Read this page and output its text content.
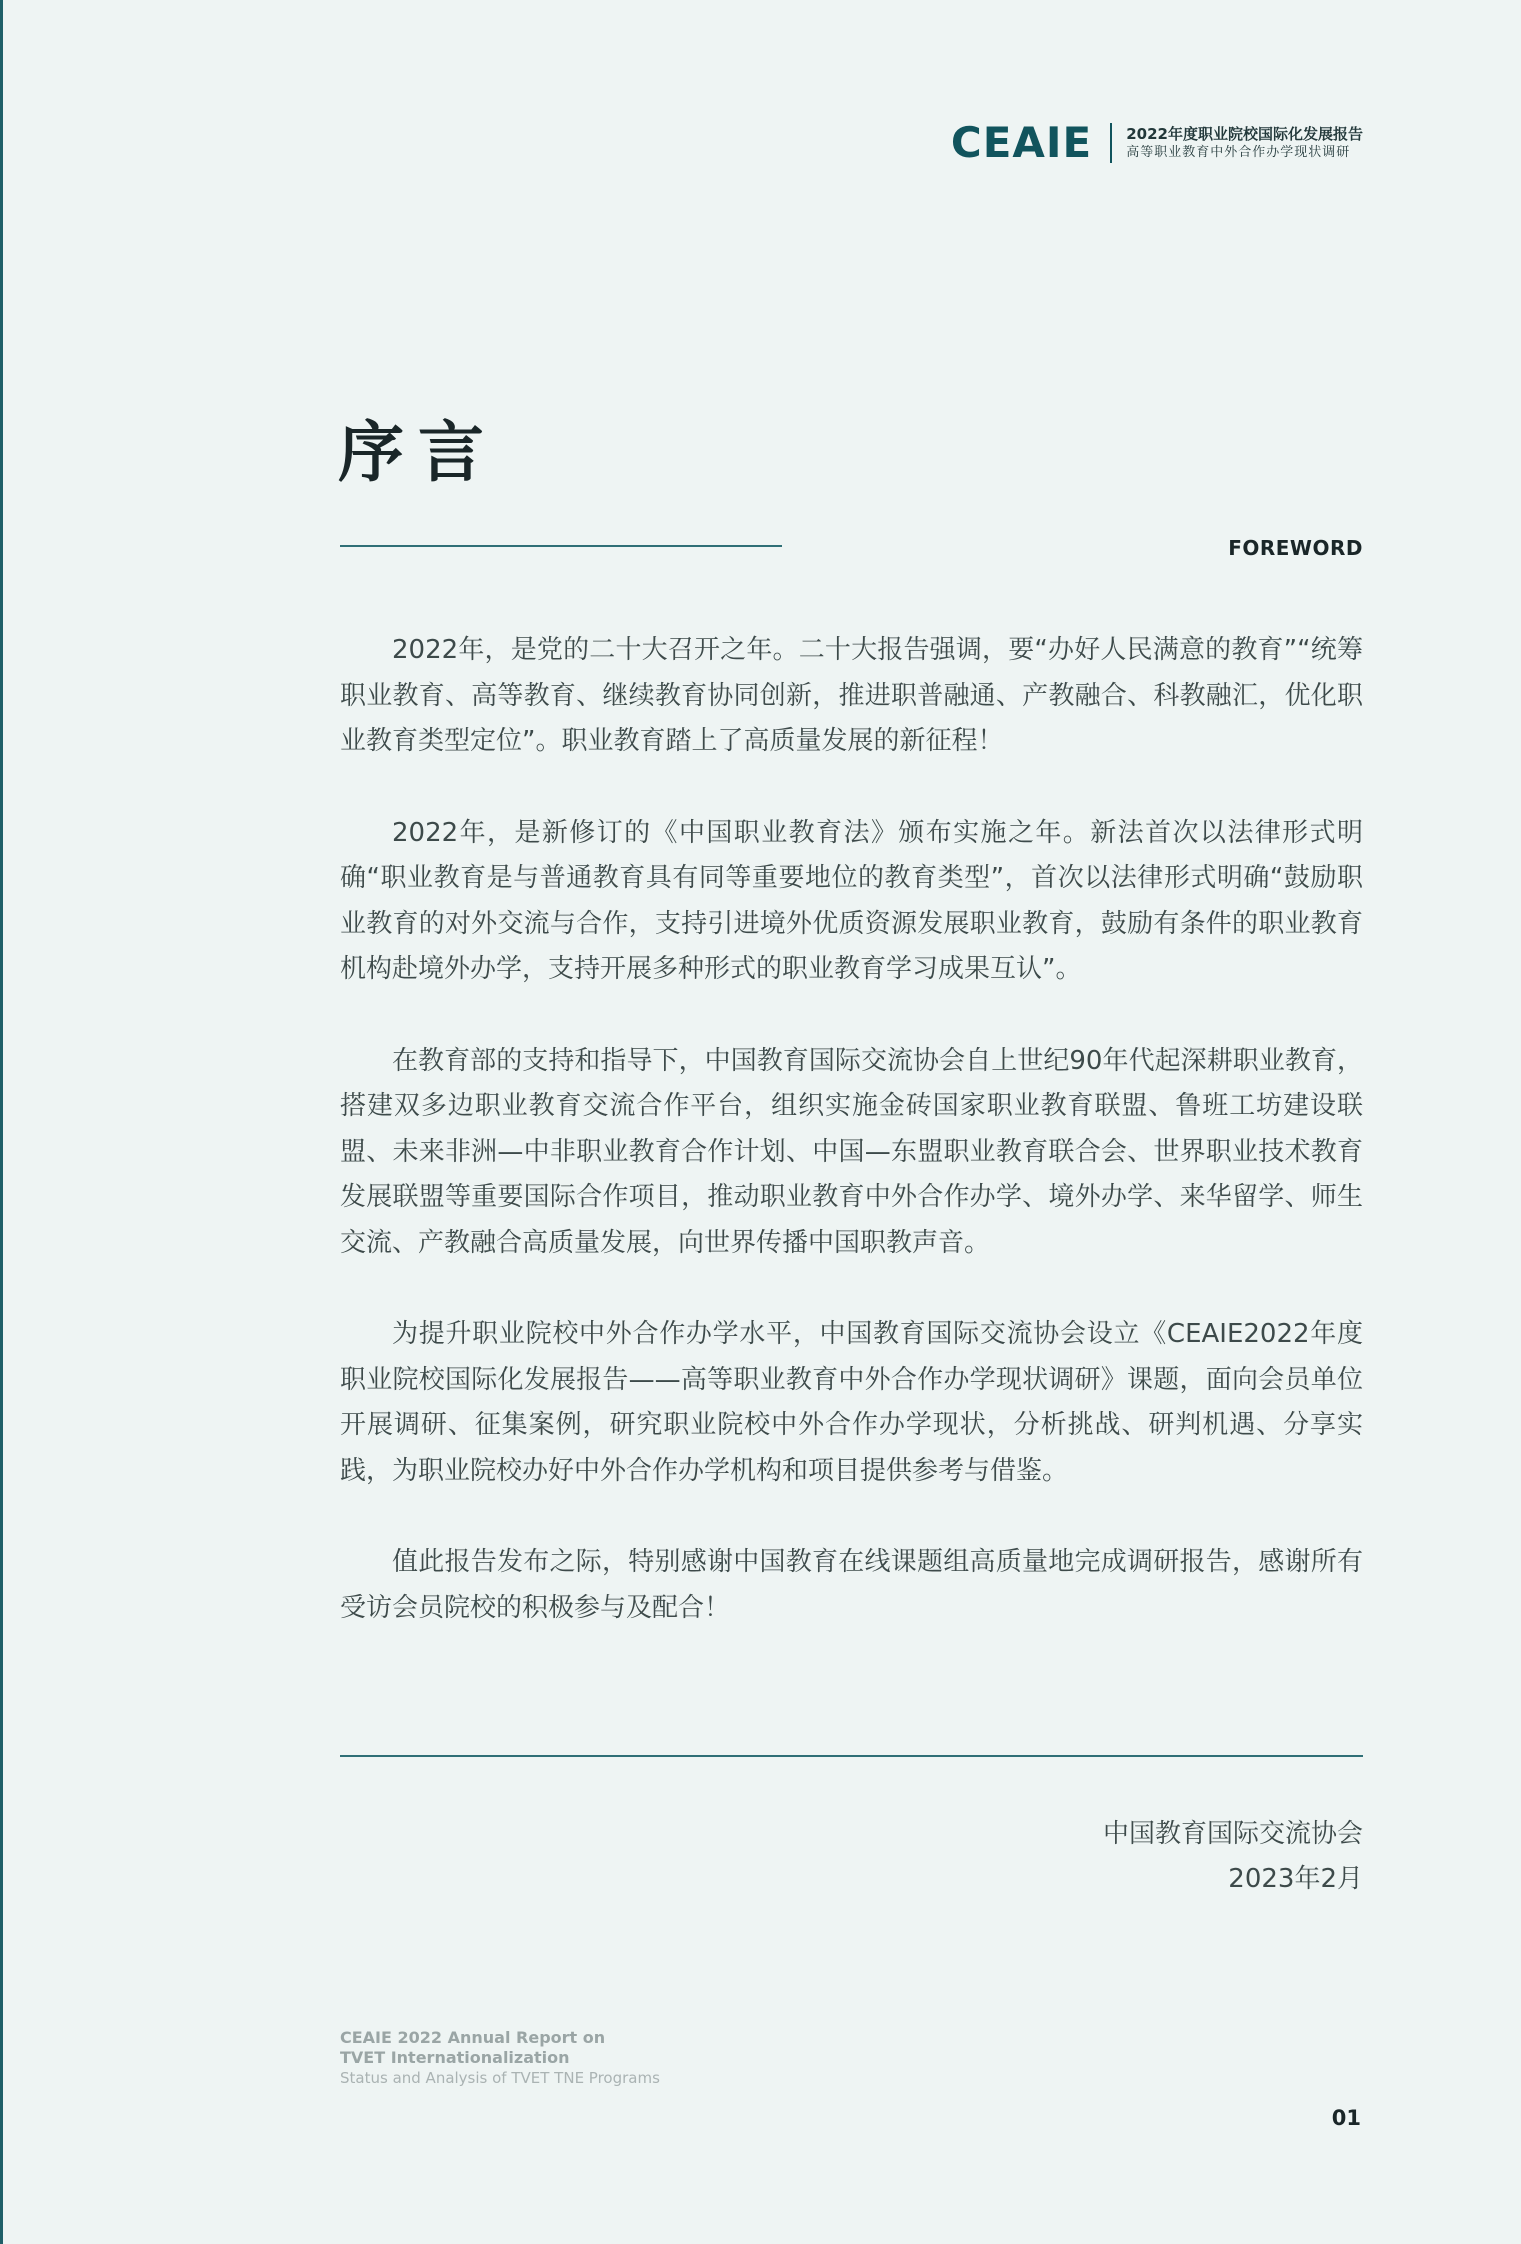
CEAIE 2022年度职业院校国际化发展报告
高等职业教育中外合作办学现状调研
序言
FOREWORD

2022年，是党的二十大召开之年。二十大报告强调，要“办好人民满意的教育”“统筹职业教育、高等教育、继续教育协同创新，推进职普融通、产教融合、科教融汇，优化职业教育类型定位”。职业教育踏上了高质量发展的新征程！

2022年，是新修订的《中国职业教育法》颁布实施之年。新法首次以法律形式明确“职业教育是与普通教育具有同等重要地位的教育类型”，首次以法律形式明确“鼓励职业教育的对外交流与合作，支持引进境外优质资源发展职业教育，鼓励有条件的职业教育机构赴境外办学，支持开展多种形式的职业教育学习成果互认”。

在教育部的支持和指导下，中国教育国际交流协会自上世纪90年代起深耕职业教育，搭建双多边职业教育交流合作平台，组织实施金砖国家职业教育联盟、鲁班工坊建设联盟、未来非洲—中非职业教育合作计划、中国—东盟职业教育联合会、世界职业技术教育发展联盟等重要国际合作项目，推动职业教育中外合作办学、境外办学、来华留学、师生交流、产教融合高质量发展，向世界传播中国职教声音。

为提升职业院校中外合作办学水平，中国教育国际交流协会设立《CEAIE2022年度职业院校国际化发展报告——高等职业教育中外合作办学现状调研》课题，面向会员单位开展调研、征集案例，研究职业院校中外合作办学现状，分析挑战、研判机遇、分享实践，为职业院校办好中外合作办学机构和项目提供参考与借鉴。

值此报告发布之际，特别感谢中国教育在线课题组高质量地完成调研报告，感谢所有受访会员院校的积极参与及配合！

中国教育国际交流协会
2023年2月
CEAIE 2022 Annual Report on
TVET Internationalization
Status and Analysis of TVET TNE Programs
01
